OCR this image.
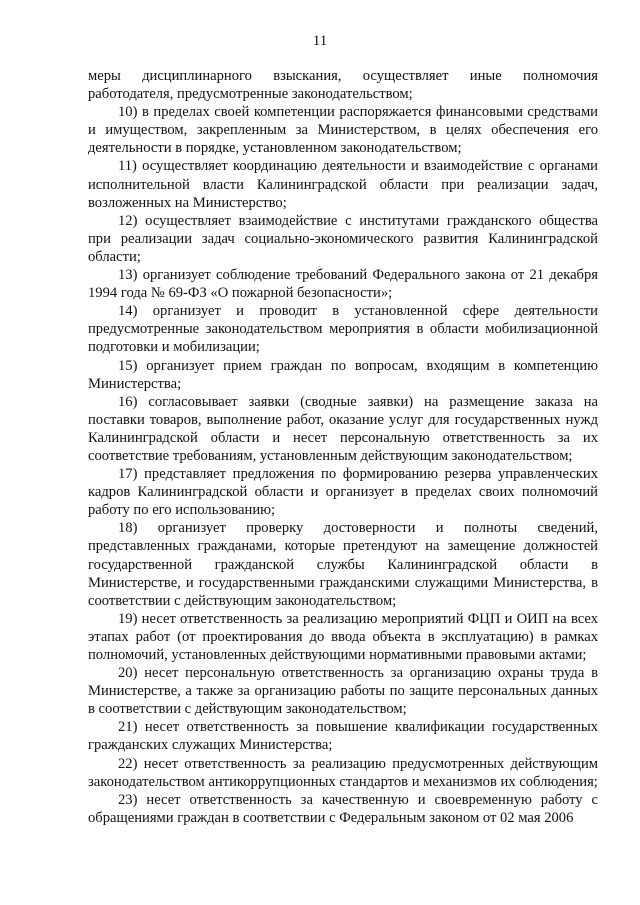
11

меры дисциплинарного взыскания, осуществляет иные полномочия работодателя, предусмотренные законодательством;

10) в пределах своей компетенции распоряжается финансовыми средствами и имуществом, закрепленным за Министерством, в целях обеспечения его деятельности в порядке, установленном законодательством;

11) осуществляет координацию деятельности и взаимодействие с органами исполнительной власти Калининградской области при реализации задач, возложенных на Министерство;

12) осуществляет взаимодействие с институтами гражданского общества при реализации задач социально-экономического развития Калининградской области;

13) организует соблюдение требований Федерального закона от 21 декабря 1994 года № 69-ФЗ «О пожарной безопасности»;

14) организует и проводит в установленной сфере деятельности предусмотренные законодательством мероприятия в области мобилизационной подготовки и мобилизации;

15) организует прием граждан по вопросам, входящим в компетенцию Министерства;

16) согласовывает заявки (сводные заявки) на размещение заказа на поставки товаров, выполнение работ, оказание услуг для государственных нужд Калининградской области и несет персональную ответственность за их соответствие требованиям, установленным действующим законодательством;

17) представляет предложения по формированию резерва управленческих кадров Калининградской области и организует в пределах своих полномочий работу по его использованию;

18) организует проверку достоверности и полноты сведений, представленных гражданами, которые претендуют на замещение должностей государственной гражданской службы Калининградской области в Министерстве, и государственными гражданскими служащими Министерства, в соответствии с действующим законодательством;

19) несет ответственность за реализацию мероприятий ФЦП и ОИП на всех этапах работ (от проектирования до ввода объекта в эксплуатацию) в рамках полномочий, установленных действующими нормативными правовыми актами;

20) несет персональную ответственность за организацию охраны труда в Министерстве, а также за организацию работы по защите персональных данных в соответствии с действующим законодательством;

21) несет ответственность за повышение квалификации государственных гражданских служащих Министерства;

22) несет ответственность за реализацию предусмотренных действующим законодательством антикоррупционных стандартов и механизмов их соблюдения;

23) несет ответственность за качественную и своевременную работу с обращениями граждан в соответствии с Федеральным законом от 02 мая 2006
